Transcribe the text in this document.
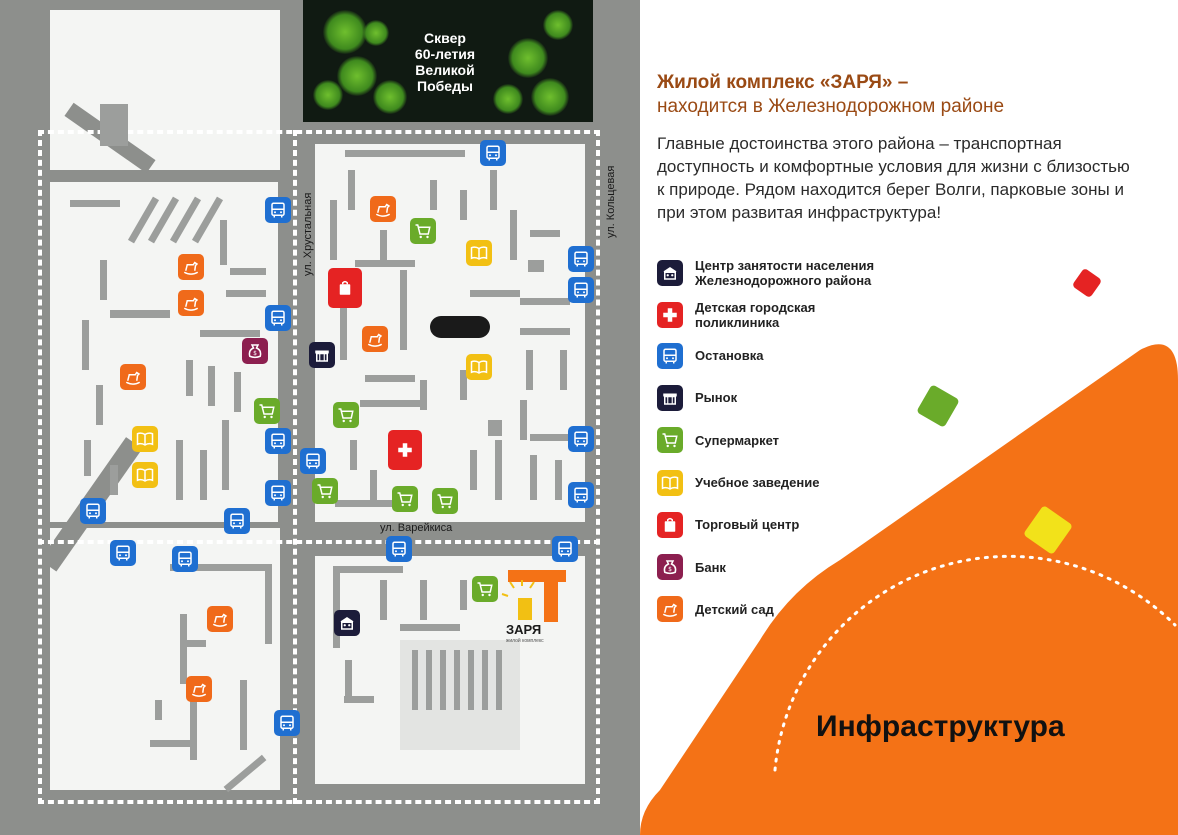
Сквер
60-летия
Великой
Победы
ул. Хрустальная	ул. Кольцевая
ул. Варейкиса
ЗАРЯ
жилой комплекс
$
Жилой комплекс «ЗАРЯ» –
находится в Железнодорожном районе
Главные достоинства этого района – транспортная доступность и комфортные условия для жизни с близостью к природе. Рядом находится берег Волги, парковые зоны и при этом развитая инфраструктура!
Центр занятости населения
Железнодорожного района
Детская городская
поликлиника
Остановка
Рынок
Супермаркет
Учебное заведение
Торговый центр
$ Банк
Детский сад
Инфраструктура
